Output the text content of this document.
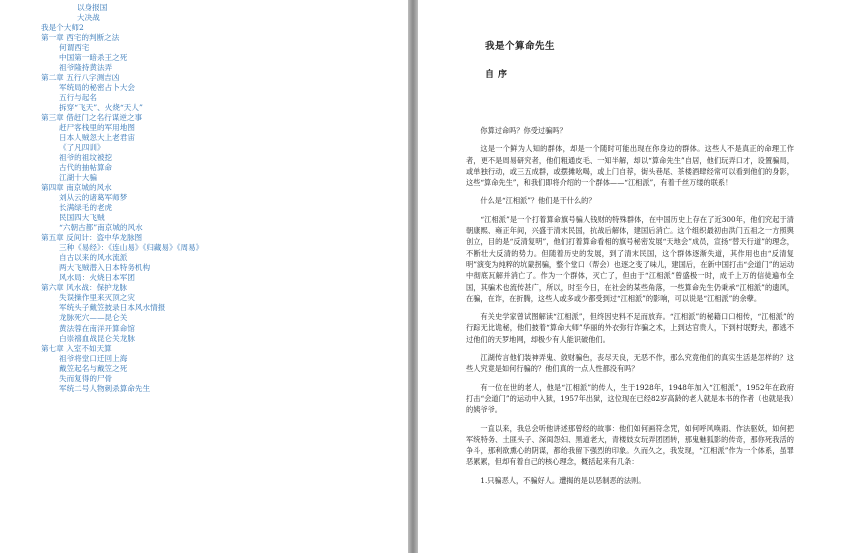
以身报国
大决战
我是个大师2
第一章 西宅的判断之法
何谓西宅
中国第一暗杀王之死
祖爷隆持黄法弄
第二章 五行八字测吉凶
军统局的秘密占卜大会
五行与起名
拆穿“飞天”、火烧“天人”
第三章 借赶门之名行谋逆之事
赶尸客栈里的军用地图
日本人贼忽大上老君宙
《了凡四训》
祖爷的祖坟被挖
古代的抽帖算命
江湖十大骗
第四章 南京城的风水
刘从云的诸葛军师梦
长满绿毛的老虎
民国四大飞贼
“六朝古都”南京城的风水
第五章 反间计：盗中华龙脉图
三种《易经》：《连山易》《归藏易》《周易》
自古以来的风水流派
两大飞贼潜入日本特务机构
风水局：火烧日本军团
第六章 风水战：保护龙脉
失误操作里来灭顶之灾
军统头子戴笠披录日本风水情报
龙脉死穴——昆仑关
黄法蓉在南洋开算命馆
白崇禧血战昆仑关龙脉
第七章 入室不如天算
祖爷将堂口迁回上海
戴笠起名与戴笠之死
失而复得的尸骨
军统二号人物刺杀算命先生
我是个算命先生
自序

你算过命吗？你受过骗吗？

这是一个鲜为人知的群体，却是一个随时可能出现在你身边的群体。这些人不是真正的命理工作者，更不是周易研究者，他们粗通皮毛、一知半解，却以“算命先生”自居，他们玩弄口才，设置骗局，或单独行动，或三五成群，或摆摊吆喝，或上门自荐，街头巷尾、茶楼酒肆经常可以看到他们的身影，这些“算命先生”，和我们即将介绍的一个群体——“江相派”，有着千丝万缕的联系！

什么是“江相派”？他们是干什么的？

“江相派”是一个打着算命旗号骗人钱财的特殊群体，在中国历史上存在了近300年，他们究起于清朝康熙、雍正年间，兴盛于清末民国，抗战后解体，建国后消亡。这个组织最初由洪门五祖之一方照舆创立，目的是“反清复明”，他们打着算命看相的旗号秘密发展“天地会”成员，宣扬“替天行道”的理念，不断壮大反清的势力。但随着历史的发展，到了清末民国，这个群体逐渐失道，其作用也由“反清复明”演变为纯粹的坑蒙拐骗，整个堂口（帮会）也逐之变了味儿，建国后，在新中国打击“会道门”的运动中彻底瓦解并消亡了。作为一个群体，灭亡了，但由于“江相派”曾盛极一时，成千上万的信徒遍布全国，其骗术也流传甚广，所以，时至今日，在社会的某些角落，一些算命先生仍秉承“江相派”的遗风，在骗，在诈，在折腾，这些人或多或少都受到过“江相派”的影响，可以说是“江相派”的余孽。

有关史学家曾试图解读“江相派”，但终因史料不足而放弃。“江相派”的秘籍口口相传，“江相派”的行踪无比诡秘，他们披着“算命大师”华丽的外衣弥行诈骗之术，上到达官贵人，下到村氓野夫，都逃不过他们的天罗地网，却极少有人能识破他们。

江湖传言他们装神弄鬼、敛财骗色，丧尽天良，无恶不作，那么究竟他们的真实生活是怎样的？这些人究竟是如何行骗的？他们真的一点人性都没有吗？

有一位在世的老人，他是“江相派”的传人，生于1928年，1948年加入“江相派”，1952年在政府打击“会道门”的运动中入狱，1957年出狱，这位现在已经82岁高龄的老人就是本书的作者（也就是我）的姨爷爷。

一直以来，我总会听他讲述那曾经的故事：他们如何画符念咒，如何呼风唤雨、作法驱妖，如何把军统特务、土匪头子、深闺怨妇、黑道老大，青楼妓女玩弄团团转，那鬼魅狐影的传奇，那你死我活的争斗，那利欲熏心的阴谋，都给我留下强烈的印象。久而久之，我发现，“江相派”作为一个体系，虽罪恶累累，但却有着自己的核心理念，概括起来有几条：

1.只骗恶人，不骗好人。遭揭的是以恶制恶的法则。
